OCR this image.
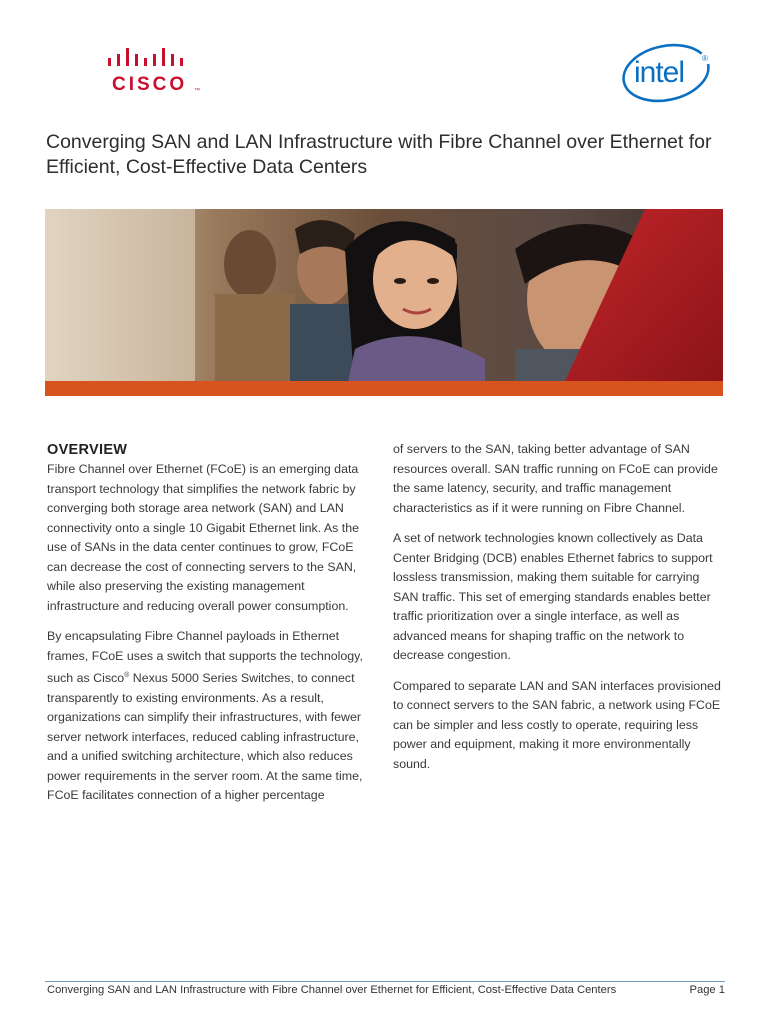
CISCO ™
intel ®
Converging SAN and LAN Infrastructure with Fibre Channel over Ethernet for Efficient, Cost-Effective Data Centers
OVERVIEW

Fibre Channel over Ethernet (FCoE) is an emerging data transport technology that simplifies the network fabric by converging both storage area network (SAN) and LAN connectivity onto a single 10 Gigabit Ethernet link. As the use of SANs in the data center continues to grow, FCoE can decrease the cost of connecting servers to the SAN, while also preserving the existing management infrastructure and reducing overall power consumption.

By encapsulating Fibre Channel payloads in Ethernet frames, FCoE uses a switch that supports the technology, such as Cisco® Nexus 5000 Series Switches, to connect transparently to existing environments. As a result, organizations can simplify their infrastructures, with fewer server network interfaces, reduced cabling infrastructure, and a unified switching architecture, which also reduces power requirements in the server room. At the same time, FCoE facilitates connection of a higher percentage

of servers to the SAN, taking better advantage of SAN resources overall. SAN traffic running on FCoE can provide the same latency, security, and traffic management characteristics as if it were running on Fibre Channel.

A set of network technologies known collectively as Data Center Bridging (DCB) enables Ethernet fabrics to support lossless transmission, making them suitable for carrying SAN traffic. This set of emerging standards enables better traffic prioritization over a single interface, as well as advanced means for shaping traffic on the network to decrease congestion.

Compared to separate LAN and SAN interfaces provisioned to connect servers to the SAN fabric, a network using FCoE can be simpler and less costly to operate, requiring less power and equipment, making it more environmentally sound.

Converging SAN and LAN Infrastructure with Fibre Channel over Ethernet for Efficient, Cost-Effective Data Centers	Page 1
